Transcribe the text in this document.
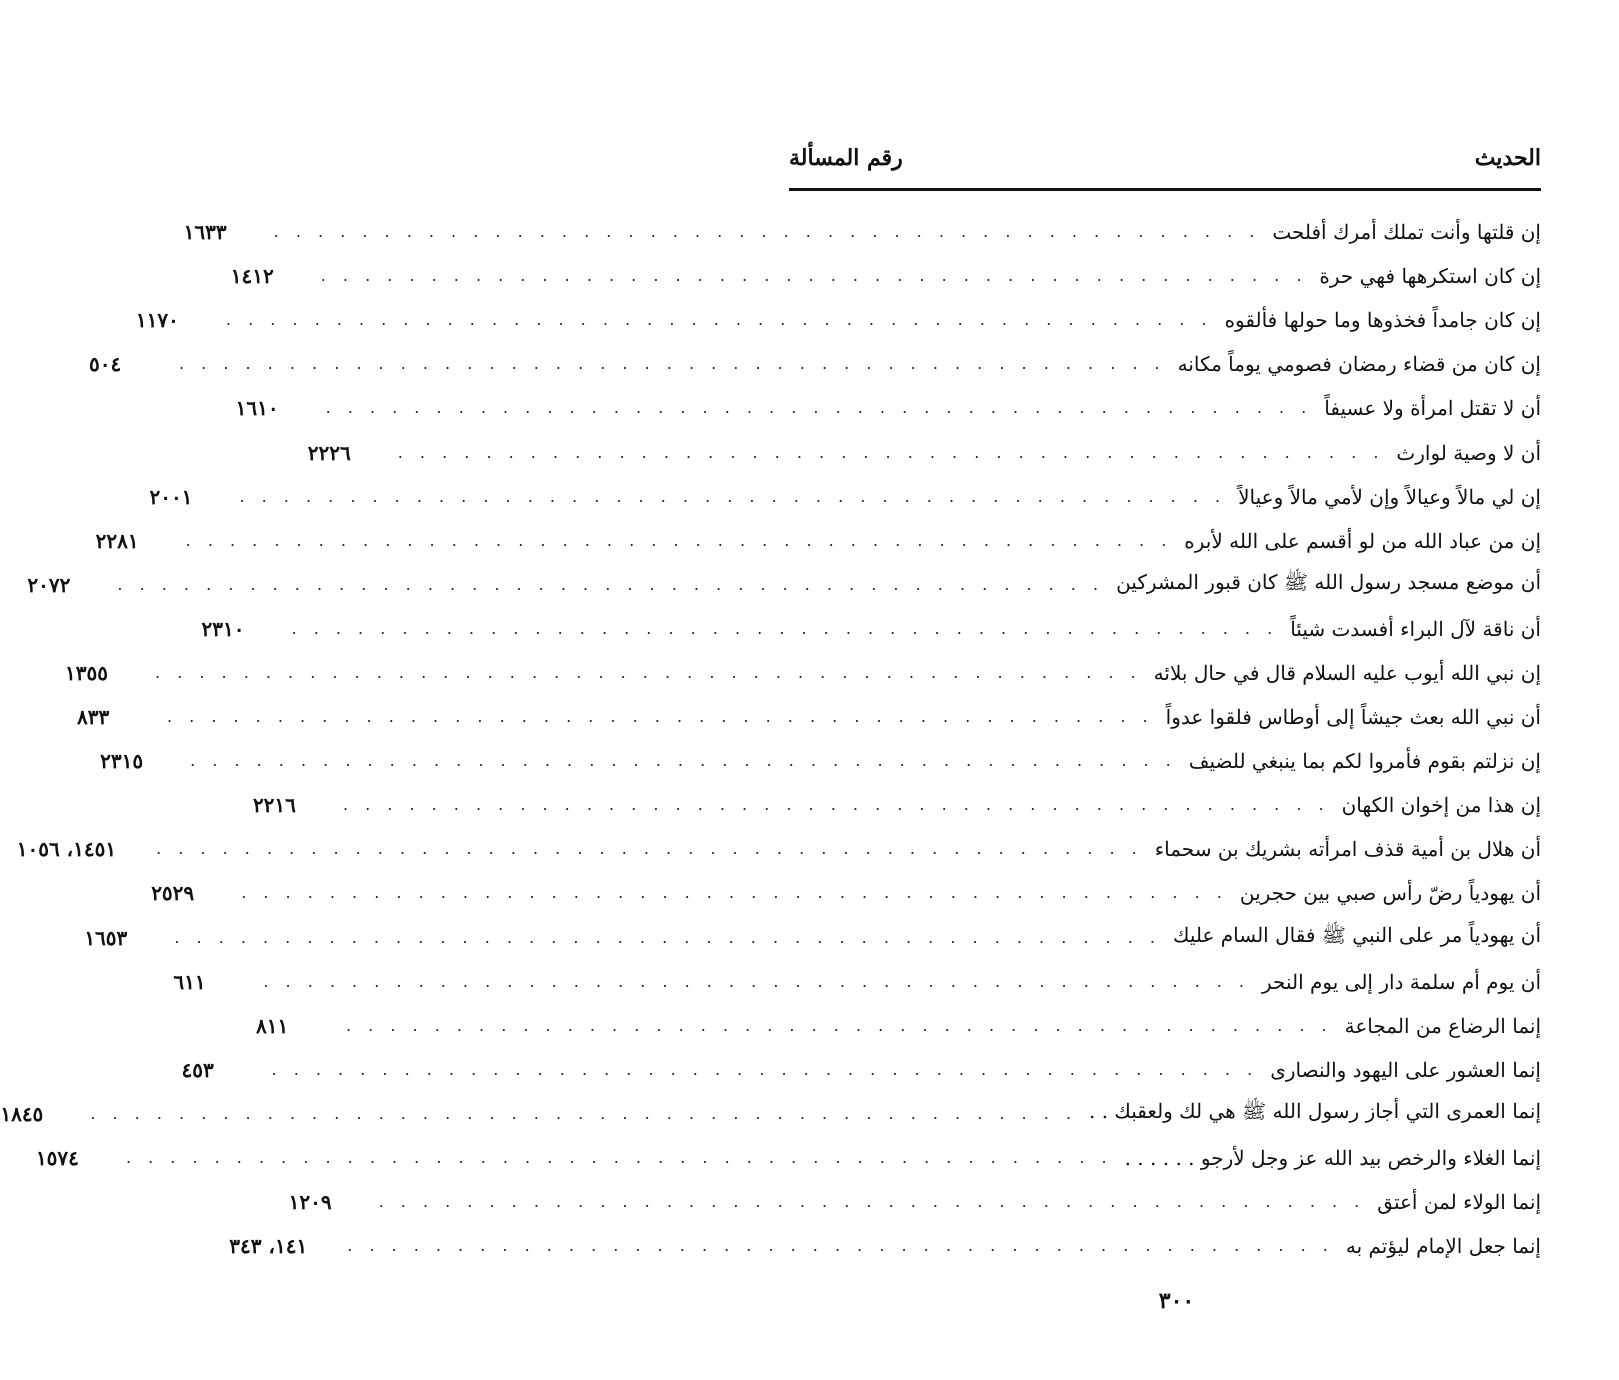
الحديث
رقم المسألة
إن قلتها وأنت تملك أمرك أفلحت
. . . . . . . . . . . . . . . . . . . . . . . . . . . . . . . . . . . . . . . . . . . . .
١٦٣٣
إن كان استكرهها فهي حرة
. . . . . . . . . . . . . . . . . . . . . . . . . . . . . . . . . . . . . . . . . . . . .
١٤١٢
إن كان جامداً فخذوها وما حولها فألقوه
. . . . . . . . . . . . . . . . . . . . . . . . . . . . . . . . . . . . . . . . . . . . .
١١٧٠
إن كان من قضاء رمضان فصومي يوماً مكانه
. . . . . . . . . . . . . . . . . . . . . . . . . . . . . . . . . . . . . . . . . . . . .
٥٠٤
أن لا تقتل امرأة ولا عسيفاً
. . . . . . . . . . . . . . . . . . . . . . . . . . . . . . . . . . . . . . . . . . . . .
١٦١٠
أن لا وصية لوارث
. . . . . . . . . . . . . . . . . . . . . . . . . . . . . . . . . . . . . . . . . . . . .
٢٢٢٦
إن لي مالاً وعيالاً وإن لأمي مالاً وعيالاً
. . . . . . . . . . . . . . . . . . . . . . . . . . . . . . . . . . . . . . . . . . . . .
٢٠٠١
إن من عباد الله من لو أقسم على الله لأبره
. . . . . . . . . . . . . . . . . . . . . . . . . . . . . . . . . . . . . . . . . . . . .
٢٢٨١
أن موضع مسجد رسول الله ﷺ كان قبور المشركين
. . . . . . . . . . . . . . . . . . . . . . . . . . . . . . . . . . . . . . . . . . . . .
٢٠٧٢
أن ناقة لآل البراء أفسدت شيئاً
. . . . . . . . . . . . . . . . . . . . . . . . . . . . . . . . . . . . . . . . . . . . .
٢٣١٠
إن نبي الله أيوب عليه السلام قال في حال بلائه
. . . . . . . . . . . . . . . . . . . . . . . . . . . . . . . . . . . . . . . . . . . . .
١٣٥٥
أن نبي الله بعث جيشاً إلى أوطاس فلقوا عدواً
. . . . . . . . . . . . . . . . . . . . . . . . . . . . . . . . . . . . . . . . . . . . .
٨٣٣
إن نزلتم بقوم فأمروا لكم بما ينبغي للضيف
. . . . . . . . . . . . . . . . . . . . . . . . . . . . . . . . . . . . . . . . . . . . .
٢٣١٥
إن هذا من إخوان الكهان
. . . . . . . . . . . . . . . . . . . . . . . . . . . . . . . . . . . . . . . . . . . . .
٢٢١٦
أن هلال بن أمية قذف امرأته بشريك بن سحماء
. . . . . . . . . . . . . . . . . . . . . . . . . . . . . . . . . . . . . . . . . . . . .
١٤٥١، ١٠٥٦
أن يهودياً رضّ رأس صبي بين حجرين
. . . . . . . . . . . . . . . . . . . . . . . . . . . . . . . . . . . . . . . . . . . . .
٢٥٢٩
أن يهودياً مر على النبي ﷺ فقال السام عليك
. . . . . . . . . . . . . . . . . . . . . . . . . . . . . . . . . . . . . . . . . . . . .
١٦٥٣
أن يوم أم سلمة دار إلى يوم النحر
. . . . . . . . . . . . . . . . . . . . . . . . . . . . . . . . . . . . . . . . . . . . .
٦١١
إنما الرضاع من المجاعة
. . . . . . . . . . . . . . . . . . . . . . . . . . . . . . . . . . . . . . . . . . . . .
٨١١
إنما العشور على اليهود والنصارى
. . . . . . . . . . . . . . . . . . . . . . . . . . . . . . . . . . . . . . . . . . . . .
٤٥٣
إنما العمرى التي أجاز رسول الله ﷺ هي لك ولعقبك . .
. . . . . . . . . . . . . . . . . . . . . . . . . . . . . . . . . . . . . . . . . . . . .
١٨٤٥
إنما الغلاء والرخص بيد الله عز وجل لأرجو . . . . . .
. . . . . . . . . . . . . . . . . . . . . . . . . . . . . . . . . . . . . . . . . . . . .
١٥٧٤
إنما الولاء لمن أعتق
. . . . . . . . . . . . . . . . . . . . . . . . . . . . . . . . . . . . . . . . . . . . .
١٢٠٩
إنما جعل الإمام ليؤتم به
. . . . . . . . . . . . . . . . . . . . . . . . . . . . . . . . . . . . . . . . . . . . .
١٤١، ٣٤٣
٣٠٠
